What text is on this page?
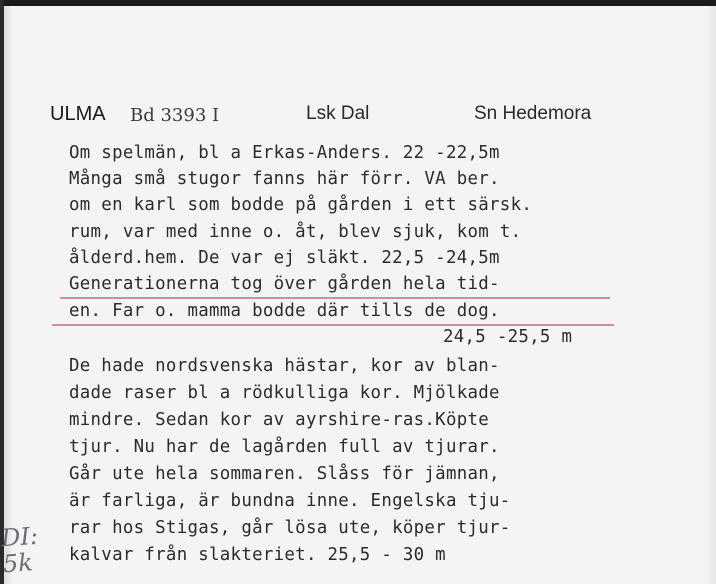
ULMA Bd 3393 I	Lsk Dal	Sn Hedemora
Om spelmän, bl a Erkas-Anders. 22 -22,5m
Många små stugor fanns här förr. VA ber.
om en karl som bodde på gården i ett särsk.
rum, var med inne o. åt, blev sjuk, kom t.
ålderd.hem. De var ej släkt. 22,5 -24,5m
Generationerna tog över gården hela tid-
en. Far o. mamma bodde där tills de dog.
24,5 -25,5 m
De hade nordsvenska hästar, kor av blan-
dade raser bl a rödkulliga kor. Mjölkade
mindre. Sedan kor av ayrshire-ras.Köpte
tjur. Nu har de lagården full av tjurar.
Går ute hela sommaren. Slåss för jämnan,
är farliga, är bundna inne. Engelska tju-
rar hos Stigas, går lösa ute, köper tjur-
kalvar från slakteriet. 25,5 - 30 m
DI:
5k
